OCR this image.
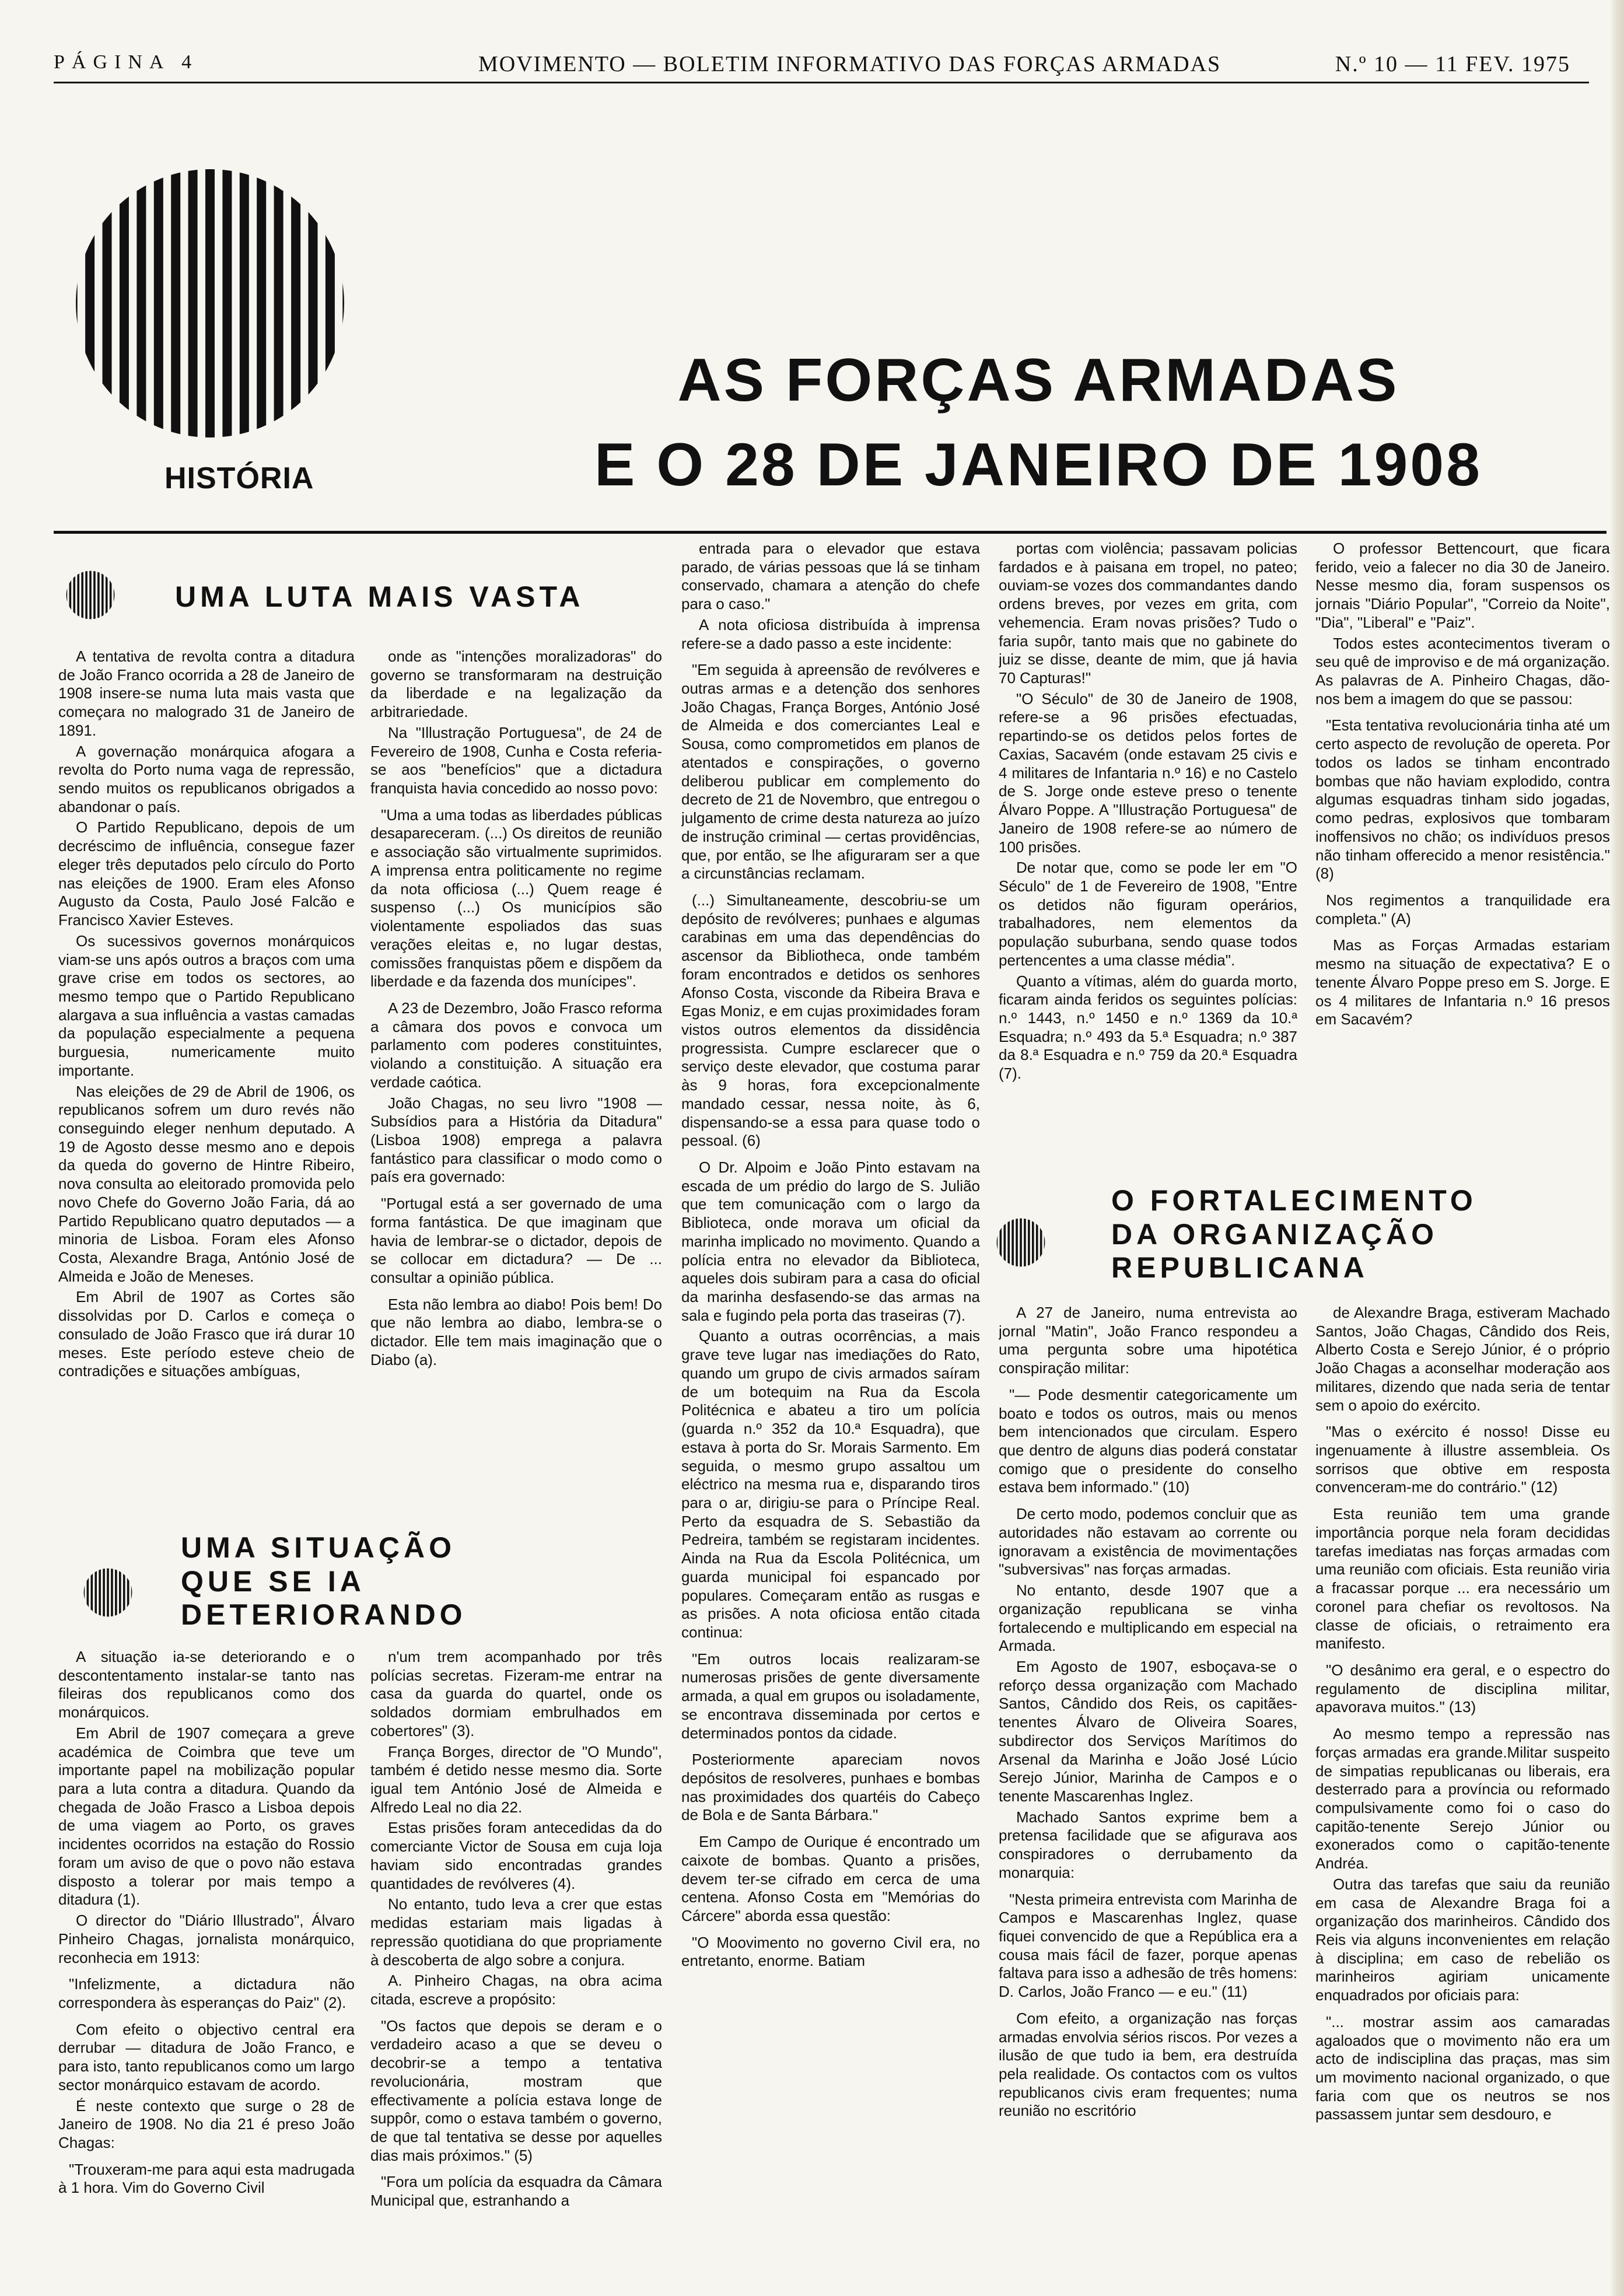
PÁGINA 4	MOVIMENTO — BOLETIM INFORMATIVO DAS FORÇAS ARMADAS	N.º 10 — 11 FEV. 1975
HISTÓRIA
AS FORÇAS ARMADAS
E O 28 DE JANEIRO DE 1908
UMA LUTA MAIS VASTA

A tentativa de revolta contra a ditadura de João Franco ocorrida a 28 de Janeiro de 1908 insere-se numa luta mais vasta que começara no malogrado 31 de Janeiro de 1891.

A governação monárquica afogara a revolta do Porto numa vaga de repressão, sendo muitos os republicanos obrigados a abandonar o país.

O Partido Republicano, depois de um decréscimo de influência, consegue fazer eleger três deputados pelo círculo do Porto nas eleições de 1900. Eram eles Afonso Augusto da Costa, Paulo José Falcão e Francisco Xavier Esteves.

Os sucessivos governos monárquicos viam-se uns após outros a braços com uma grave crise em todos os sectores, ao mesmo tempo que o Partido Republicano alargava a sua influência a vastas camadas da população especialmente a pequena burguesia, numericamente muito importante.

Nas eleições de 29 de Abril de 1906, os republicanos sofrem um duro revés não conseguindo eleger nenhum deputado. A 19 de Agosto desse mesmo ano e depois da queda do governo de Hintre Ribeiro, nova consulta ao eleitorado promovida pelo novo Chefe do Governo João Faria, dá ao Partido Republicano quatro deputados — a minoria de Lisboa. Foram eles Afonso Costa, Alexandre Braga, António José de Almeida e João de Meneses.

Em Abril de 1907 as Cortes são dissolvidas por D. Carlos e começa o consulado de João Frasco que irá durar 10 meses. Este período esteve cheio de contradições e situações ambíguas,

onde as "intenções moralizadoras" do governo se transformaram na destruição da liberdade e na legalização da arbitrariedade.

Na "Illustração Portuguesa", de 24 de Fevereiro de 1908, Cunha e Costa referia-se aos "benefícios" que a dictadura franquista havia concedido ao nosso povo:

"Uma a uma todas as liberdades públicas desapareceram. (...) Os direitos de reunião e associação são virtualmente suprimidos. A imprensa entra politicamente no regime da nota officiosa (...) Quem reage é suspenso (...) Os municípios são violentamente espoliados das suas verações eleitas e, no lugar destas, comissões franquistas põem e dispõem da liberdade e da fazenda dos munícipes".

A 23 de Dezembro, João Frasco reforma a câmara dos povos e convoca um parlamento com poderes constituintes, violando a constituição. A situação era verdade caótica.

João Chagas, no seu livro "1908 — Subsídios para a História da Ditadura" (Lisboa 1908) emprega a palavra fantástico para classificar o modo como o país era governado:

"Portugal está a ser governado de uma forma fantástica. De que imaginam que havia de lembrar-se o dictador, depois de se collocar em dictadura? — De ... consultar a opinião pública.

Esta não lembra ao diabo! Pois bem! Do que não lembra ao diabo, lembra-se o dictador. Elle tem mais imaginação que o Diabo (a).

UMA SITUAÇÃO
QUE SE IA
DETERIORANDO

A situação ia-se deteriorando e o descontentamento instalar-se tanto nas fileiras dos republicanos como dos monárquicos.

Em Abril de 1907 começara a greve académica de Coimbra que teve um importante papel na mobilização popular para a luta contra a ditadura. Quando da chegada de João Frasco a Lisboa depois de uma viagem ao Porto, os graves incidentes ocorridos na estação do Rossio foram um aviso de que o povo não estava disposto a tolerar por mais tempo a ditadura (1).

O director do "Diário Illustrado", Álvaro Pinheiro Chagas, jornalista monárquico, reconhecia em 1913:

"Infelizmente, a dictadura não correspondera às esperanças do Paiz" (2).

Com efeito o objectivo central era derrubar — ditadura de João Franco, e para isto, tanto republicanos como um largo sector monárquico estavam de acordo.

É neste contexto que surge o 28 de Janeiro de 1908. No dia 21 é preso João Chagas:

"Trouxeram-me para aqui esta madrugada à 1 hora. Vim do Governo Civil

n'um trem acompanhado por três polícias secretas. Fizeram-me entrar na casa da guarda do quartel, onde os soldados dormiam embrulhados em cobertores" (3).

França Borges, director de "O Mundo", também é detido nesse mesmo dia. Sorte igual tem António José de Almeida e Alfredo Leal no dia 22.

Estas prisões foram antecedidas da do comerciante Victor de Sousa em cuja loja haviam sido encontradas grandes quantidades de revólveres (4).

No entanto, tudo leva a crer que estas medidas estariam mais ligadas à repressão quotidiana do que propriamente à descoberta de algo sobre a conjura.

A. Pinheiro Chagas, na obra acima citada, escreve a propósito:

"Os factos que depois se deram e o verdadeiro acaso a que se deveu o decobrir-se a tempo a tentativa revolucionária, mostram que effectivamente a polícia estava longe de suppôr, como o estava também o governo, de que tal tentativa se desse por aquelles dias mais próximos." (5)

"Fora um polícia da esquadra da Câmara Municipal que, estranhando a

entrada para o elevador que estava parado, de várias pessoas que lá se tinham conservado, chamara a atenção do chefe para o caso."

A nota oficiosa distribuída à imprensa refere-se a dado passo a este incidente:

"Em seguida à apreensão de revólveres e outras armas e a detenção dos senhores João Chagas, França Borges, António José de Almeida e dos comerciantes Leal e Sousa, como comprometidos em planos de atentados e conspirações, o governo deliberou publicar em complemento do decreto de 21 de Novembro, que entregou o julgamento de crime desta natureza ao juízo de instrução criminal — certas providências, que, por então, se lhe afiguraram ser a que a circunstâncias reclamam.

(...) Simultaneamente, descobriu-se um depósito de revólveres; punhaes e algumas carabinas em uma das dependências do ascensor da Bibliotheca, onde também foram encontrados e detidos os senhores Afonso Costa, visconde da Ribeira Brava e Egas Moniz, e em cujas proximidades foram vistos outros elementos da dissidência progressista. Cumpre esclarecer que o serviço deste elevador, que costuma parar às 9 horas, fora excepcionalmente mandado cessar, nessa noite, às 6, dispensando-se a essa para quase todo o pessoal. (6)

O Dr. Alpoim e João Pinto estavam na escada de um prédio do largo de S. Julião que tem comunicação com o largo da Biblioteca, onde morava um oficial da marinha implicado no movimento. Quando a polícia entra no elevador da Biblioteca, aqueles dois subiram para a casa do oficial da marinha desfasendo-se das armas na sala e fugindo pela porta das traseiras (7).

Quanto a outras ocorrências, a mais grave teve lugar nas imediações do Rato, quando um grupo de civis armados saíram de um botequim na Rua da Escola Politécnica e abateu a tiro um polícia (guarda n.º 352 da 10.ª Esquadra), que estava à porta do Sr. Morais Sarmento. Em seguida, o mesmo grupo assaltou um eléctrico na mesma rua e, disparando tiros para o ar, dirigiu-se para o Príncipe Real. Perto da esquadra de S. Sebastião da Pedreira, também se registaram incidentes. Ainda na Rua da Escola Politécnica, um guarda municipal foi espancado por populares. Começaram então as rusgas e as prisões. A nota oficiosa então citada continua:

"Em outros locais realizaram-se numerosas prisões de gente diversamente armada, a qual em grupos ou isoladamente, se encontrava disseminada por certos e determinados pontos da cidade.

Posteriormente apareciam novos depósitos de resolveres, punhaes e bombas nas proximidades dos quartéis do Cabeço de Bola e de Santa Bárbara."

Em Campo de Ourique é encontrado um caixote de bombas. Quanto a prisões, devem ter-se cifrado em cerca de uma centena. Afonso Costa em "Memórias do Cárcere" aborda essa questão:

"O Moovimento no governo Civil era, no entretanto, enorme. Batiam

portas com violência; passavam policias fardados e à paisana em tropel, no pateo; ouviam-se vozes dos commandantes dando ordens breves, por vezes em grita, com vehemencia. Eram novas prisões? Tudo o faria supôr, tanto mais que no gabinete do juiz se disse, deante de mim, que já havia 70 Capturas!"

"O Século" de 30 de Janeiro de 1908, refere-se a 96 prisões efectuadas, repartindo-se os detidos pelos fortes de Caxias, Sacavém (onde estavam 25 civis e 4 militares de Infantaria n.º 16) e no Castelo de S. Jorge onde esteve preso o tenente Álvaro Poppe. A "Illustração Portuguesa" de Janeiro de 1908 refere-se ao número de 100 prisões.

De notar que, como se pode ler em "O Século" de 1 de Fevereiro de 1908, "Entre os detidos não figuram operários, trabalhadores, nem elementos da população suburbana, sendo quase todos pertencentes a uma classe média".

Quanto a vítimas, além do guarda morto, ficaram ainda feridos os seguintes polícias: n.º 1443, n.º 1450 e n.º 1369 da 10.ª Esquadra; n.º 493 da 5.ª Esquadra; n.º 387 da 8.ª Esquadra e n.º 759 da 20.ª Esquadra (7).

O professor Bettencourt, que ficara ferido, veio a falecer no dia 30 de Janeiro. Nesse mesmo dia, foram suspensos os jornais "Diário Popular", "Correio da Noite", "Dia", "Liberal" e "Paiz".

Todos estes acontecimentos tiveram o seu quê de improviso e de má organização. As palavras de A. Pinheiro Chagas, dão-nos bem a imagem do que se passou:

"Esta tentativa revolucionária tinha até um certo aspecto de revolução de opereta. Por todos os lados se tinham encontrado bombas que não haviam explodido, contra algumas esquadras tinham sido jogadas, como pedras, explosivos que tombaram inoffensivos no chão; os indivíduos presos não tinham offerecido a menor resistência." (8)

Nos regimentos a tranquilidade era completa." (A)

Mas as Forças Armadas estariam mesmo na situação de expectativa? E o tenente Álvaro Poppe preso em S. Jorge. E os 4 militares de Infantaria n.º 16 presos em Sacavém?

O FORTALECIMENTO
DA ORGANIZAÇÃO
REPUBLICANA

A 27 de Janeiro, numa entrevista ao jornal "Matin", João Franco respondeu a uma pergunta sobre uma hipotética conspiração militar:

"— Pode desmentir categoricamente um boato e todos os outros, mais ou menos bem intencionados que circulam. Espero que dentro de alguns dias poderá constatar comigo que o presidente do conselho estava bem informado." (10)

De certo modo, podemos concluir que as autoridades não estavam ao corrente ou ignoravam a existência de movimentações "subversivas" nas forças armadas.

No entanto, desde 1907 que a organização republicana se vinha fortalecendo e multiplicando em especial na Armada.

Em Agosto de 1907, esboçava-se o reforço dessa organização com Machado Santos, Cândido dos Reis, os capitães-tenentes Álvaro de Oliveira Soares, subdirector dos Serviços Marítimos do Arsenal da Marinha e João José Lúcio Serejo Júnior, Marinha de Campos e o tenente Mascarenhas Inglez.

Machado Santos exprime bem a pretensa facilidade que se afigurava aos conspiradores o derrubamento da monarquia:

"Nesta primeira entrevista com Marinha de Campos e Mascarenhas Inglez, quase fiquei convencido de que a República era a cousa mais fácil de fazer, porque apenas faltava para isso a adhesão de três homens: D. Carlos, João Franco — e eu." (11)

Com efeito, a organização nas forças armadas envolvia sérios riscos. Por vezes a ilusão de que tudo ia bem, era destruída pela realidade. Os contactos com os vultos republicanos civis eram frequentes; numa reunião no escritório

de Alexandre Braga, estiveram Machado Santos, João Chagas, Cândido dos Reis, Alberto Costa e Serejo Júnior, é o próprio João Chagas a aconselhar moderação aos militares, dizendo que nada seria de tentar sem o apoio do exército.

"Mas o exército é nosso! Disse eu ingenuamente à illustre assembleia. Os sorrisos que obtive em resposta convenceram-me do contrário." (12)

Esta reunião tem uma grande importância porque nela foram decididas tarefas imediatas nas forças armadas com uma reunião com oficiais. Esta reunião viria a fracassar porque ... era necessário um coronel para chefiar os revoltosos. Na classe de oficiais, o retraimento era manifesto.

"O desânimo era geral, e o espectro do regulamento de disciplina militar, apavorava muitos." (13)

Ao mesmo tempo a repressão nas forças armadas era grande.Militar suspeito de simpatias republicanas ou liberais, era desterrado para a província ou reformado compulsivamente como foi o caso do capitão-tenente Serejo Júnior ou exonerados como o capitão-tenente Andréa.

Outra das tarefas que saiu da reunião em casa de Alexandre Braga foi a organização dos marinheiros. Cândido dos Reis via alguns inconvenientes em relação à disciplina; em caso de rebelião os marinheiros agiriam unicamente enquadrados por oficiais para:

"... mostrar assim aos camaradas agaloados que o movimento não era um acto de indisciplina das praças, mas sim um movimento nacional organizado, o que faria com que os neutros se nos passassem juntar sem desdouro, e
